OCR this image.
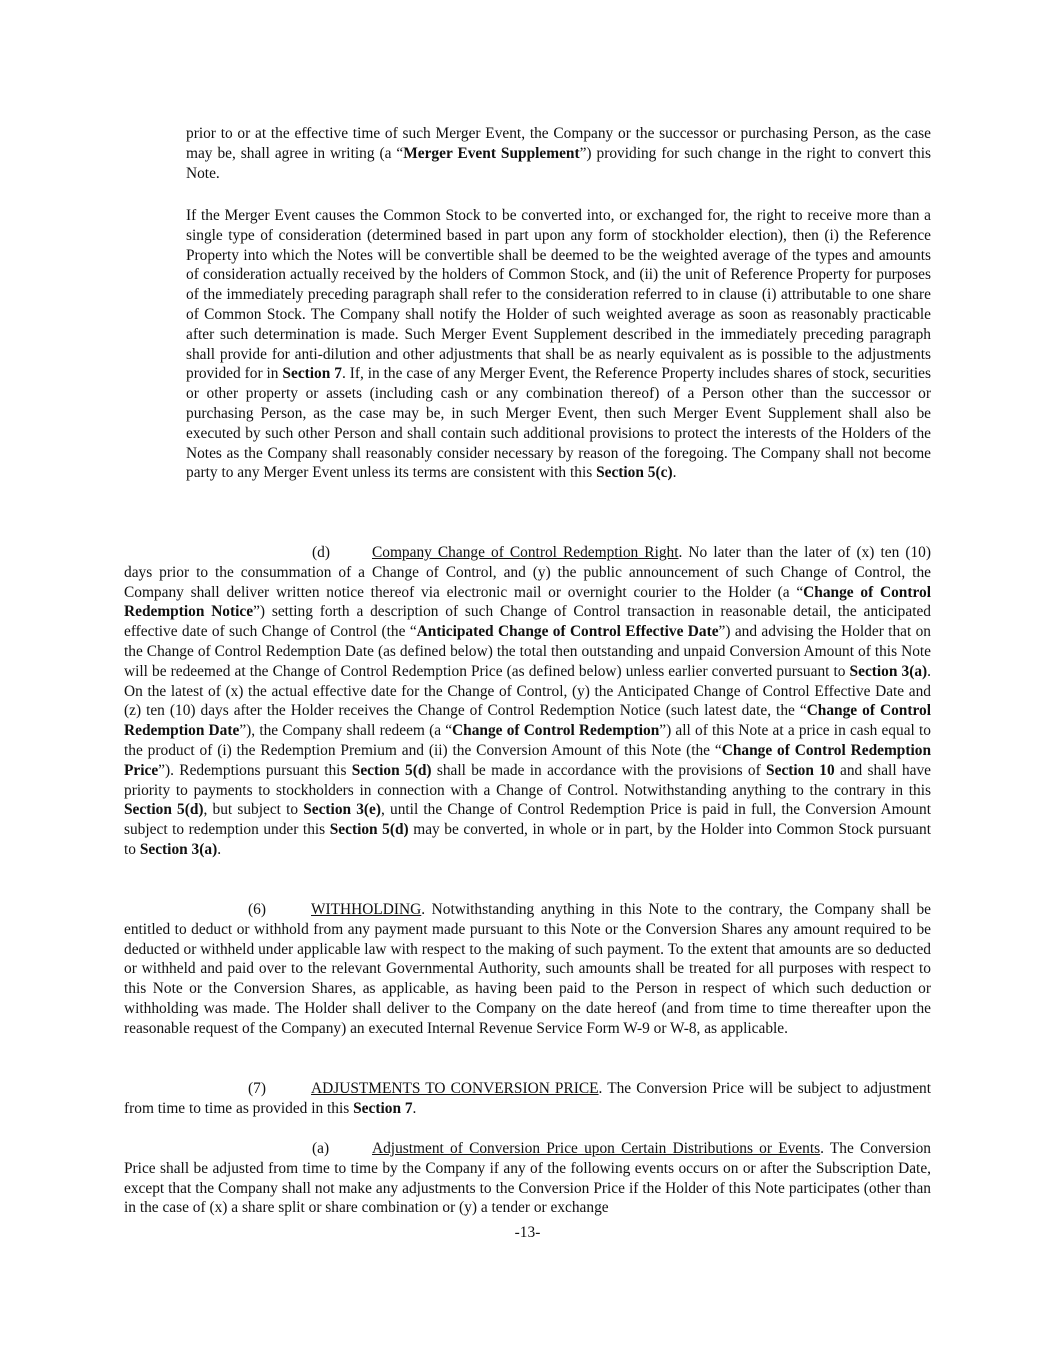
prior to or at the effective time of such Merger Event, the Company or the successor or purchasing Person, as the case may be, shall agree in writing (a “Merger Event Supplement”) providing for such change in the right to convert this Note.

If the Merger Event causes the Common Stock to be converted into, or exchanged for, the right to receive more than a single type of consideration (determined based in part upon any form of stockholder election), then (i) the Reference Property into which the Notes will be convertible shall be deemed to be the weighted average of the types and amounts of consideration actually received by the holders of Common Stock, and (ii) the unit of Reference Property for purposes of the immediately preceding paragraph shall refer to the consideration referred to in clause (i) attributable to one share of Common Stock. The Company shall notify the Holder of such weighted average as soon as reasonably practicable after such determination is made. Such Merger Event Supplement described in the immediately preceding paragraph shall provide for anti-dilution and other adjustments that shall be as nearly equivalent as is possible to the adjustments provided for in Section 7. If, in the case of any Merger Event, the Reference Property includes shares of stock, securities or other property or assets (including cash or any combination thereof) of a Person other than the successor or purchasing Person, as the case may be, in such Merger Event, then such Merger Event Supplement shall also be executed by such other Person and shall contain such additional provisions to protect the interests of the Holders of the Notes as the Company shall reasonably consider necessary by reason of the foregoing. The Company shall not become party to any Merger Event unless its terms are consistent with this Section 5(c).

(d)	Company Change of Control Redemption Right. No later than the later of (x) ten (10) days prior to the consummation of a Change of Control, and (y) the public announcement of such Change of Control, the Company shall deliver written notice thereof via electronic mail or overnight courier to the Holder (a “Change of Control Redemption Notice”) setting forth a description of such Change of Control transaction in reasonable detail, the anticipated effective date of such Change of Control (the “Anticipated Change of Control Effective Date”) and advising the Holder that on the Change of Control Redemption Date (as defined below) the total then outstanding and unpaid Conversion Amount of this Note will be redeemed at the Change of Control Redemption Price (as defined below) unless earlier converted pursuant to Section 3(a). On the latest of (x) the actual effective date for the Change of Control, (y) the Anticipated Change of Control Effective Date and (z) ten (10) days after the Holder receives the Change of Control Redemption Notice (such latest date, the “Change of Control Redemption Date”), the Company shall redeem (a “Change of Control Redemption”) all of this Note at a price in cash equal to the product of (i) the Redemption Premium and (ii) the Conversion Amount of this Note (the “Change of Control Redemption Price”). Redemptions pursuant this Section 5(d) shall be made in accordance with the provisions of Section 10 and shall have priority to payments to stockholders in connection with a Change of Control. Notwithstanding anything to the contrary in this Section 5(d), but subject to Section 3(e), until the Change of Control Redemption Price is paid in full, the Conversion Amount subject to redemption under this Section 5(d) may be converted, in whole or in part, by the Holder into Common Stock pursuant to Section 3(a).

(6)	WITHHOLDING. Notwithstanding anything in this Note to the contrary, the Company shall be entitled to deduct or withhold from any payment made pursuant to this Note or the Conversion Shares any amount required to be deducted or withheld under applicable law with respect to the making of such payment. To the extent that amounts are so deducted or withheld and paid over to the relevant Governmental Authority, such amounts shall be treated for all purposes with respect to this Note or the Conversion Shares, as applicable, as having been paid to the Person in respect of which such deduction or withholding was made. The Holder shall deliver to the Company on the date hereof (and from time to time thereafter upon the reasonable request of the Company) an executed Internal Revenue Service Form W-9 or W-8, as applicable.

(7)	ADJUSTMENTS TO CONVERSION PRICE. The Conversion Price will be subject to adjustment from time to time as provided in this Section 7.

(a)	Adjustment of Conversion Price upon Certain Distributions or Events. The Conversion Price shall be adjusted from time to time by the Company if any of the following events occurs on or after the Subscription Date, except that the Company shall not make any adjustments to the Conversion Price if the Holder of this Note participates (other than in the case of (x) a share split or share combination or (y) a tender or exchange

-13-
